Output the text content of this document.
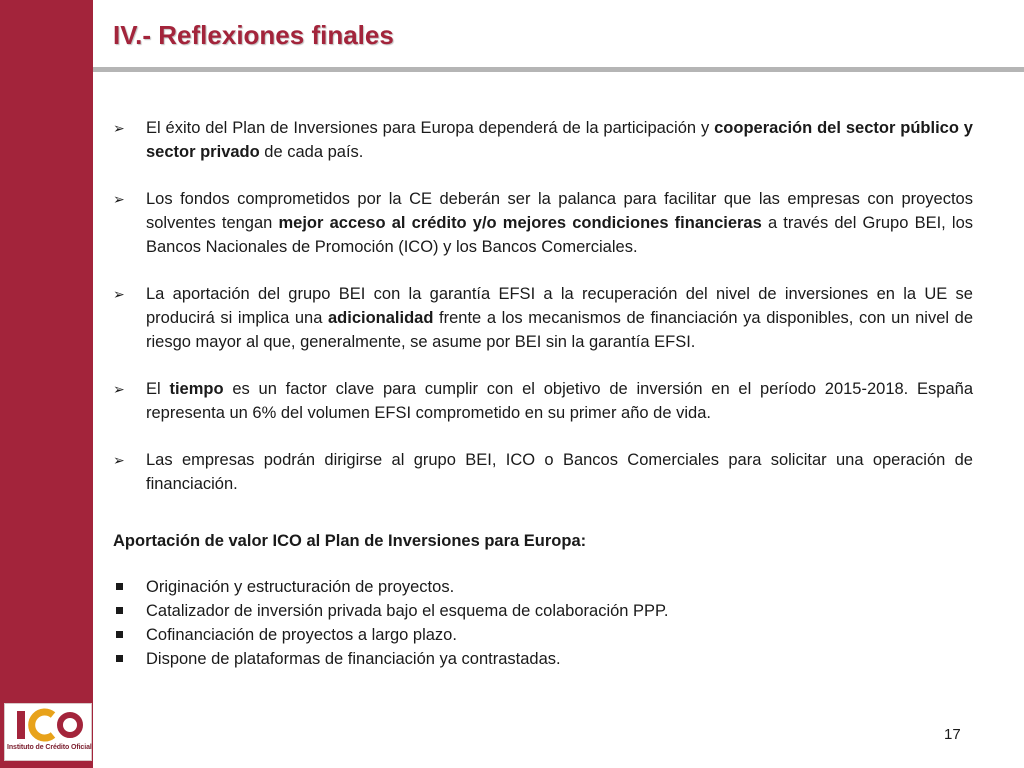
Instituto de Crédito Oficial
IV.- Reflexiones finales
➢ El éxito del Plan de Inversiones para Europa dependerá de la participación y cooperación del sector público y sector privado de cada país.
➢ Los fondos comprometidos por la CE deberán ser la palanca para facilitar que las empresas con proyectos solventes tengan mejor acceso al crédito y/o mejores condiciones financieras a través del Grupo BEI, los Bancos Nacionales de Promoción (ICO) y los Bancos Comerciales.
➢ La aportación del grupo BEI con la garantía EFSI a la recuperación del nivel de inversiones en la UE se producirá si implica una adicionalidad frente a los mecanismos de financiación ya disponibles, con un nivel de riesgo mayor al que, generalmente, se asume por BEI sin la garantía EFSI.
➢ El tiempo es un factor clave para cumplir con el objetivo de inversión en el período 2015-2018. España representa un 6% del volumen EFSI comprometido en su primer año de vida.
➢ Las empresas podrán dirigirse al grupo BEI, ICO o Bancos Comerciales para solicitar una operación de financiación.
Aportación de valor ICO al Plan de Inversiones para Europa:
Originación y estructuración de proyectos.
Catalizador de inversión privada bajo el esquema de colaboración PPP.
Cofinanciación de proyectos a largo plazo.
Dispone de plataformas de financiación ya contrastadas.
17
